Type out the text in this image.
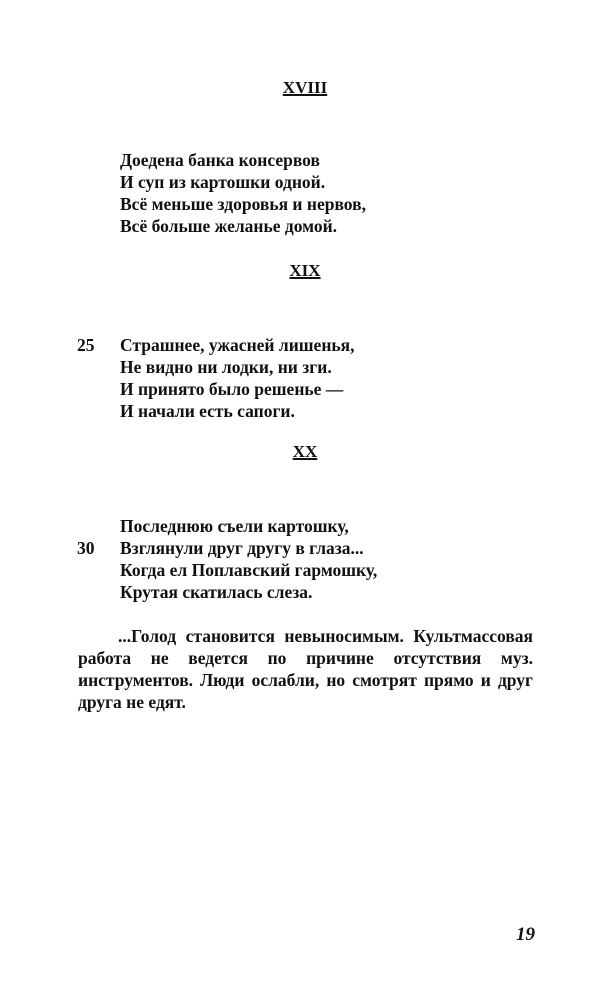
XVIII
Доедена банка консервов
И суп из картошки одной.
Всё меньше здоровья и нервов,
Всё больше желанье домой.
XIX
25 Страшнее, ужасней лишенья,
Не видно ни лодки, ни зги.
И принято было решенье —
И начали есть сапоги.
XX
30
Последнюю съели картошку,
Взглянули друг другу в глаза...
Когда ел Поплавский гармошку,
Крутая скатилась слеза.

...Голод становится невыносимым. Культмассовая работа не ведется по причине отсутствия муз. инструментов. Люди ослабли, но смотрят прямо и друг друга не едят.

19
